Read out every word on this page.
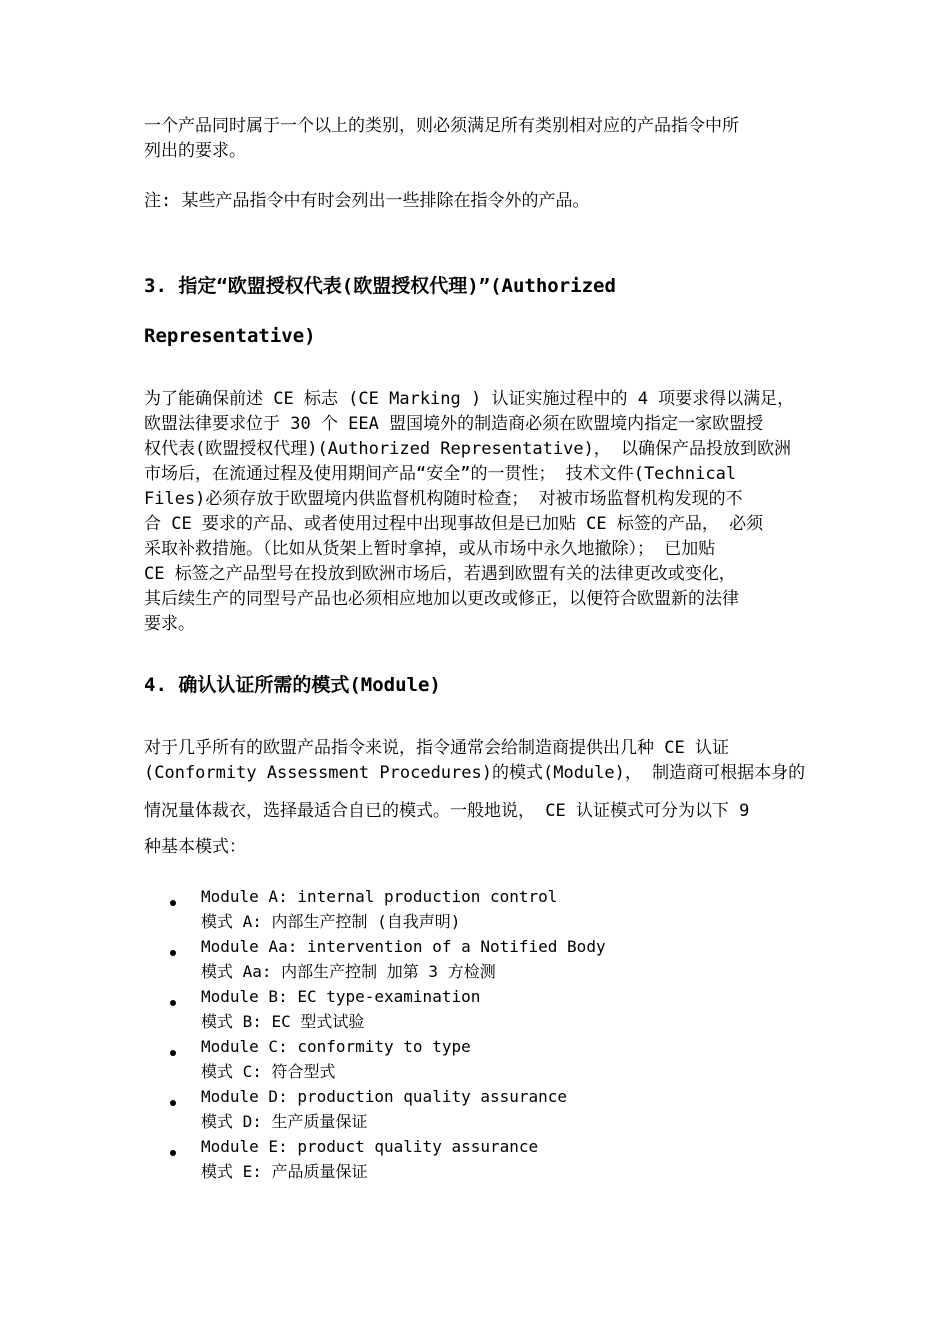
一个产品同时属于一个以上的类别，则必须满足所有类别相对应的产品指令中所
列出的要求。

注: 某些产品指令中有时会列出一些排除在指令外的产品。

3. 指定“欧盟授权代表(欧盟授权代理)”(Authorized
Representative)

为了能确保前述 CE 标志 (CE Marking ) 认证实施过程中的 4 项要求得以满足，
欧盟法律要求位于 30 个 EEA 盟国境外的制造商必须在欧盟境内指定一家欧盟授
权代表(欧盟授权代理)(Authorized Representative)， 以确保产品投放到欧洲
市场后，在流通过程及使用期间产品“安全”的一贯性； 技术文件(Technical
Files)必须存放于欧盟境内供监督机构随时检查； 对被市场监督机构发现的不
合 CE 要求的产品、或者使用过程中出现事故但是已加贴 CE 标签的产品， 必须
采取补救措施。（比如从货架上暂时拿掉，或从市场中永久地撤除）； 已加贴
CE 标签之产品型号在投放到欧洲市场后，若遇到欧盟有关的法律更改或变化，
其后续生产的同型号产品也必须相应地加以更改或修正，以便符合欧盟新的法律
要求。

4. 确认认证所需的模式(Module)

对于几乎所有的欧盟产品指令来说，指令通常会给制造商提供出几种 CE 认证
(Conformity Assessment Procedures)的模式(Module)， 制造商可根据本身的

情况量体裁衣，选择最适合自已的模式。一般地说， CE 认证模式可分为以下 9

种基本模式：

Module A: internal production control
模式 A: 内部生产控制 (自我声明)
Module Aa: intervention of a Notified Body
模式 Aa: 内部生产控制 加第 3 方检测
Module B: EC type-examination
模式 B: EC 型式试验
Module C: conformity to type
模式 C: 符合型式
Module D: production quality assurance
模式 D: 生产质量保证
Module E: product quality assurance
模式 E: 产品质量保证
